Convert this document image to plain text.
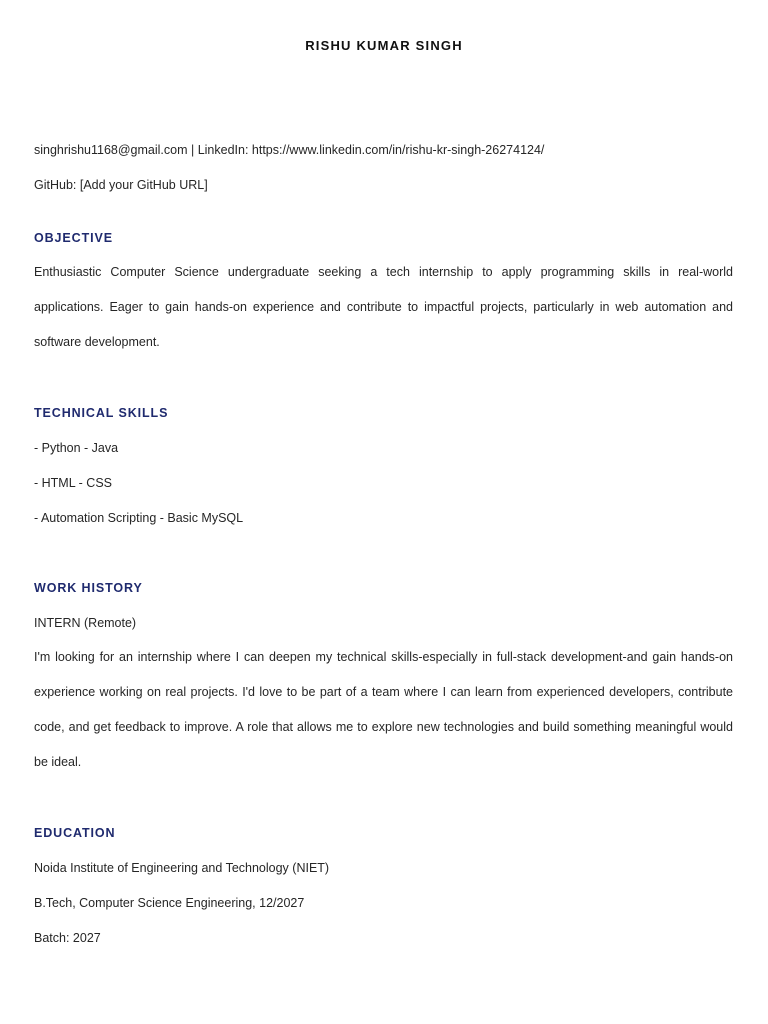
RISHU KUMAR SINGH
singhrishu1168@gmail.com | LinkedIn: https://www.linkedin.com/in/rishu-kr-singh-26274124/
GitHub: [Add your GitHub URL]
OBJECTIVE
Enthusiastic Computer Science undergraduate seeking a tech internship to apply programming skills in real-world applications. Eager to gain hands-on experience and contribute to impactful projects, particularly in web automation and software development.
TECHNICAL SKILLS
- Python - Java
- HTML - CSS
- Automation Scripting - Basic MySQL
WORK HISTORY
INTERN (Remote)
I'm looking for an internship where I can deepen my technical skills-especially in full-stack development-and gain hands-on experience working on real projects. I'd love to be part of a team where I can learn from experienced developers, contribute code, and get feedback to improve. A role that allows me to explore new technologies and build something meaningful would be ideal.
EDUCATION
Noida Institute of Engineering and Technology (NIET)
B.Tech, Computer Science Engineering, 12/2027
Batch: 2027
